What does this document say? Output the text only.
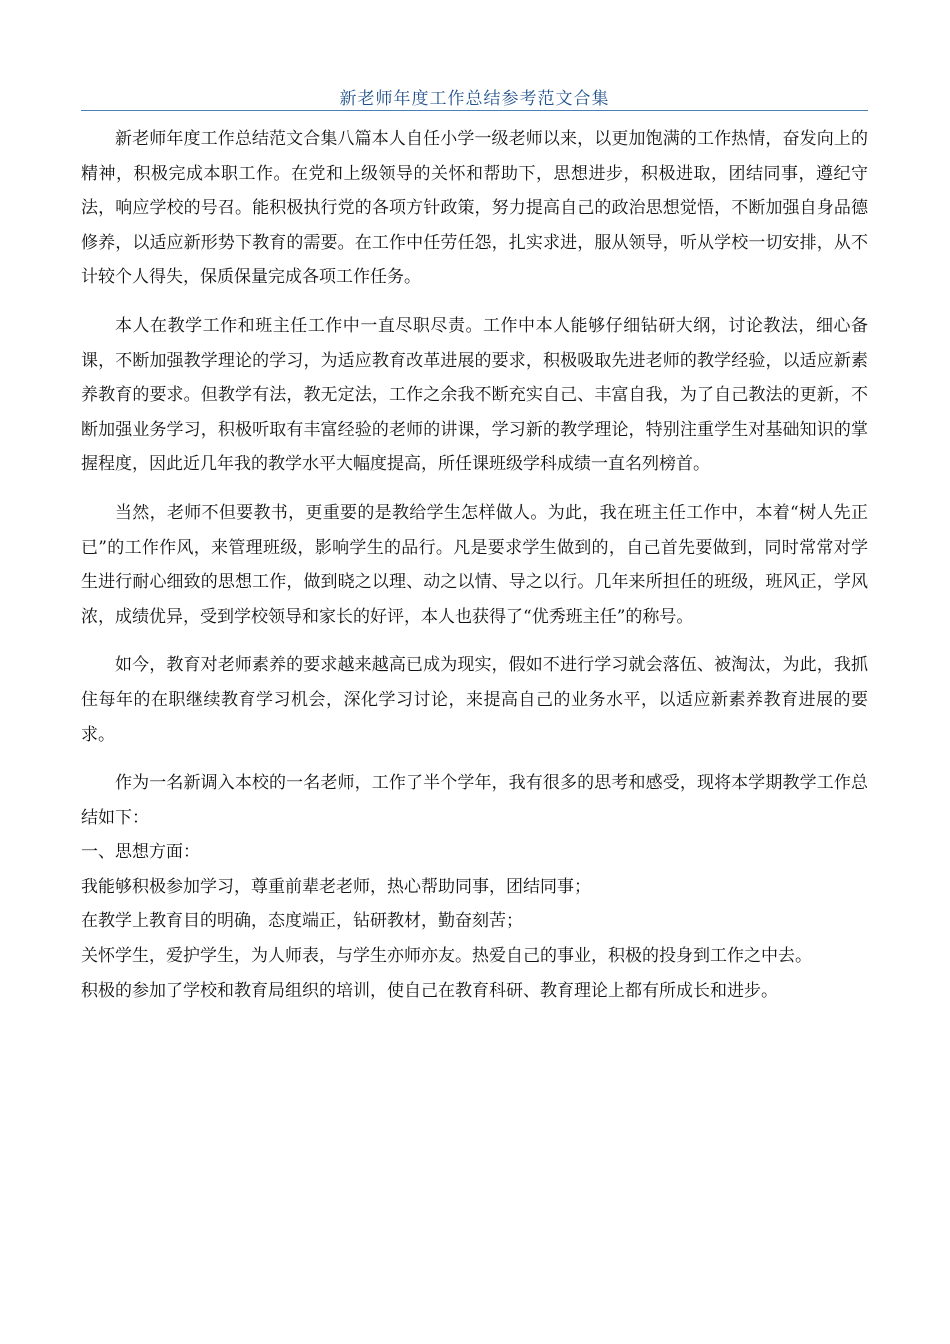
新老师年度工作总结参考范文合集

新老师年度工作总结范文合集八篇本人自任小学一级老师以来，以更加饱满的工作热情，奋发向上的精神，积极完成本职工作。在党和上级领导的关怀和帮助下，思想进步，积极进取，团结同事，遵纪守法，响应学校的号召。能积极执行党的各项方针政策，努力提高自己的政治思想觉悟，不断加强自身品德修养，以适应新形势下教育的需要。在工作中任劳任怨，扎实求进，服从领导，听从学校一切安排，从不计较个人得失，保质保量完成各项工作任务。

本人在教学工作和班主任工作中一直尽职尽责。工作中本人能够仔细钻研大纲，讨论教法，细心备课，不断加强教学理论的学习，为适应教育改革进展的要求，积极吸取先进老师的教学经验，以适应新素养教育的要求。但教学有法，教无定法，工作之余我不断充实自己、丰富自我，为了自己教法的更新，不断加强业务学习，积极听取有丰富经验的老师的讲课，学习新的教学理论，特别注重学生对基础知识的掌握程度，因此近几年我的教学水平大幅度提高，所任课班级学科成绩一直名列榜首。

当然，老师不但要教书，更重要的是教给学生怎样做人。为此，我在班主任工作中，本着“树人先正已”的工作作风，来管理班级，影响学生的品行。凡是要求学生做到的，自己首先要做到，同时常常对学生进行耐心细致的思想工作，做到晓之以理、动之以情、导之以行。几年来所担任的班级，班风正，学风浓，成绩优异，受到学校领导和家长的好评，本人也获得了“优秀班主任”的称号。

如今，教育对老师素养的要求越来越高已成为现实，假如不进行学习就会落伍、被淘汰，为此，我抓住每年的在职继续教育学习机会，深化学习讨论，来提高自己的业务水平，以适应新素养教育进展的要求。

作为一名新调入本校的一名老师，工作了半个学年，我有很多的思考和感受，现将本学期教学工作总结如下：

一、思想方面：

我能够积极参加学习，尊重前辈老老师，热心帮助同事，团结同事；

在教学上教育目的明确，态度端正，钻研教材，勤奋刻苦；

关怀学生，爱护学生，为人师表，与学生亦师亦友。热爱自己的事业，积极的投身到工作之中去。

积极的参加了学校和教育局组织的培训，使自己在教育科研、教育理论上都有所成长和进步。
